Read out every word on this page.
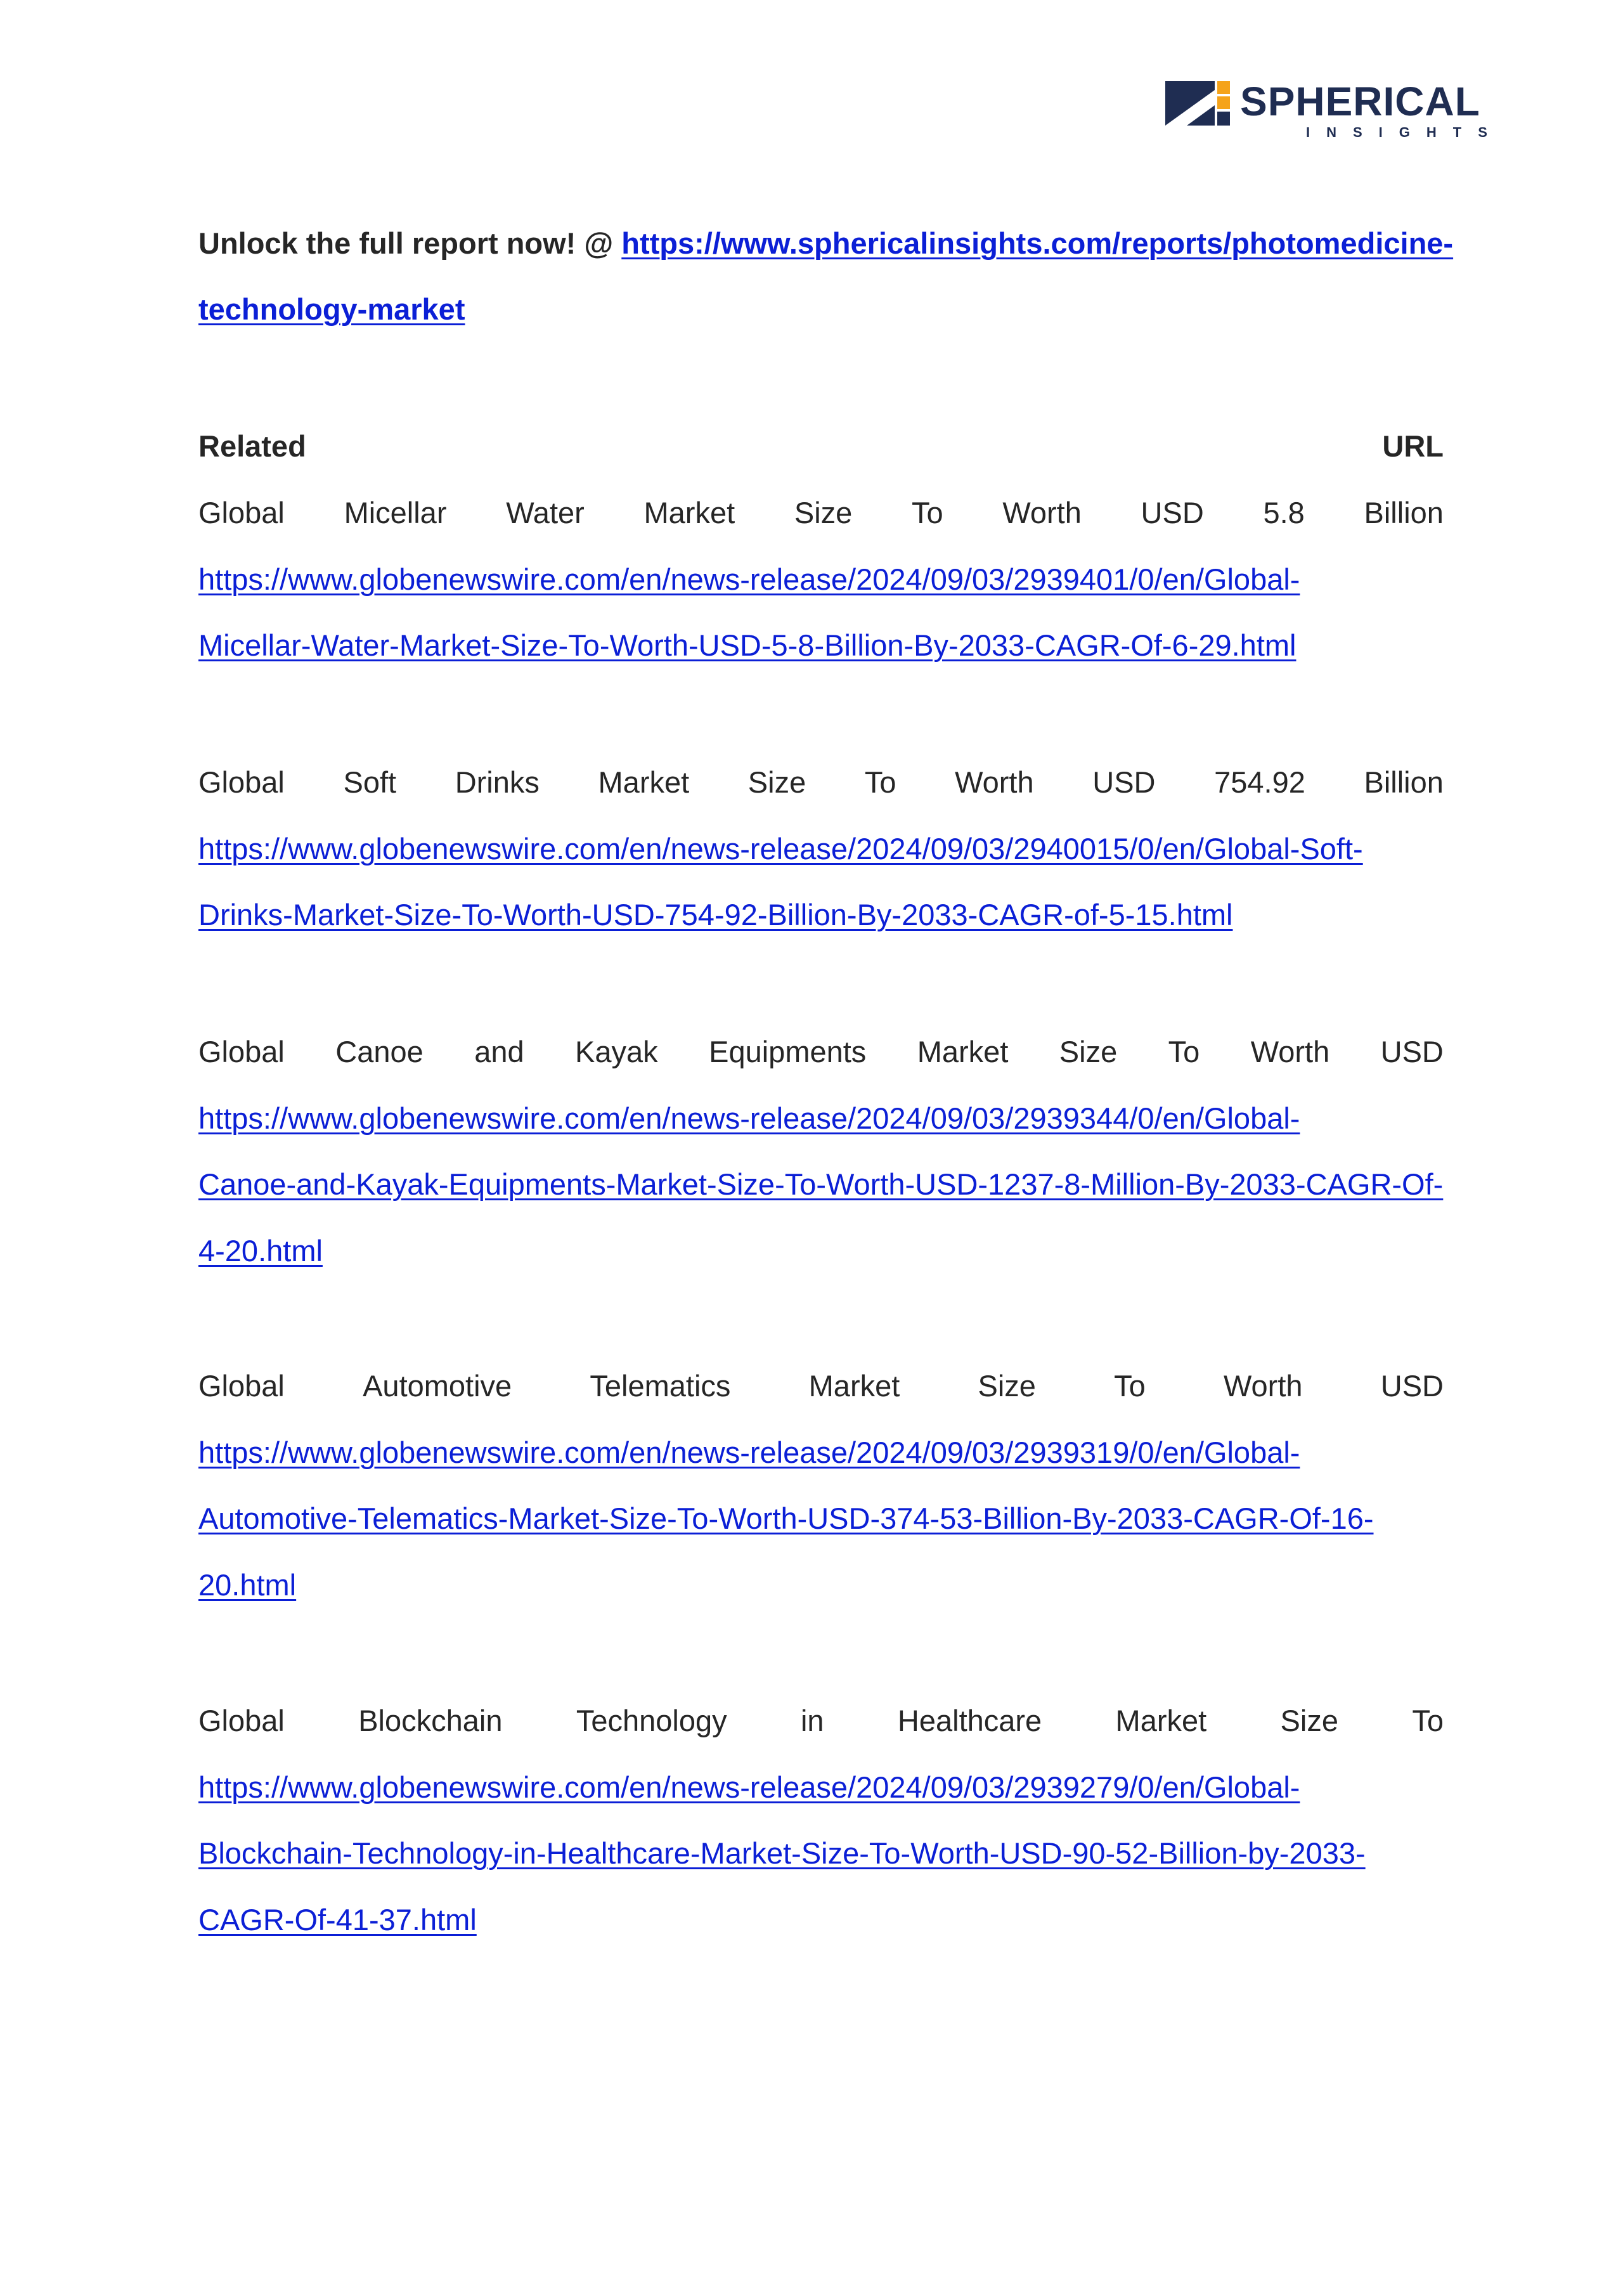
SPHERICAL
INSIGHTS
Unlock the full report now! @ https://www.sphericalinsights.com/reports/photomedicine-
technology-market
Related	URL
Global Micellar Water Market Size To Worth USD 5.8 Billion
https://www.globenewswire.com/en/news-release/2024/09/03/2939401/0/en/Global-
Micellar-Water-Market-Size-To-Worth-USD-5-8-Billion-By-2033-CAGR-Of-6-29.html
Global Soft Drinks Market Size To Worth USD 754.92 Billion
https://www.globenewswire.com/en/news-release/2024/09/03/2940015/0/en/Global-Soft-
Drinks-Market-Size-To-Worth-USD-754-92-Billion-By-2033-CAGR-of-5-15.html
Global Canoe and Kayak Equipments Market Size To Worth USD
https://www.globenewswire.com/en/news-release/2024/09/03/2939344/0/en/Global-
Canoe-and-Kayak-Equipments-Market-Size-To-Worth-USD-1237-8-Million-By-2033-CAGR-Of-
4-20.html
Global	Automotive	Telematics	Market	Size	To	Worth	USD
https://www.globenewswire.com/en/news-release/2024/09/03/2939319/0/en/Global-
Automotive-Telematics-Market-Size-To-Worth-USD-374-53-Billion-By-2033-CAGR-Of-16-
20.html
Global Blockchain Technology in Healthcare Market Size To
https://www.globenewswire.com/en/news-release/2024/09/03/2939279/0/en/Global-
Blockchain-Technology-in-Healthcare-Market-Size-To-Worth-USD-90-52-Billion-by-2033-
CAGR-Of-41-37.html
